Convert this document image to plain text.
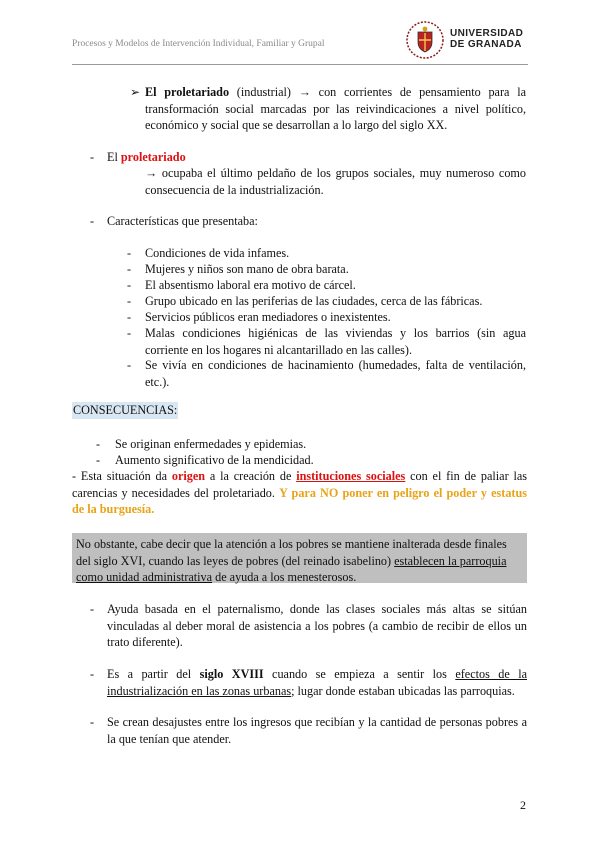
Procesos y Modelos de Intervención Individual, Familiar y Grupal
UNIVERSIDAD
DE GRANADA
➢ El proletariado (industrial) → con corrientes de pensamiento para la transformación social marcadas por las reivindicaciones a nivel político, económico y social que se desarrollan a lo largo del siglo XX.
- El proletariado
→ ocupaba el último peldaño de los grupos sociales, muy numeroso como consecuencia de la industrialización.
- Características que presentaba:
- Condiciones de vida infames.
- Mujeres y niños son mano de obra barata.
- El absentismo laboral era motivo de cárcel.
- Grupo ubicado en las periferias de las ciudades, cerca de las fábricas.
- Servicios públicos eran mediadores o inexistentes.
- Malas condiciones higiénicas de las viviendas y los barrios (sin agua corriente en los hogares ni alcantarillado en las calles).
- Se vivía en condiciones de hacinamiento (humedades, falta de ventilación, etc.).
CONSECUENCIAS:
- Se originan enfermedades y epidemias.
- Aumento significativo de la mendicidad.
- Esta situación da origen a la creación de instituciones sociales con el fin de paliar las carencias y necesidades del proletariado. Y para NO poner en peligro el poder y estatus de la burguesía.
No obstante, cabe decir que la atención a los pobres se mantiene inalterada desde finales del siglo XVI, cuando las leyes de pobres (del reinado isabelino) establecen la parroquia como unidad administrativa de ayuda a los menesterosos.
- Ayuda basada en el paternalismo, donde las clases sociales más altas se sitúan vinculadas al deber moral de asistencia a los pobres (a cambio de recibir de ellos un trato diferente).
- Es a partir del siglo XVIII cuando se empieza a sentir los efectos de la industrialización en las zonas urbanas; lugar donde estaban ubicadas las parroquias.
- Se crean desajustes entre los ingresos que recibían y la cantidad de personas pobres a la que tenían que atender.
2
